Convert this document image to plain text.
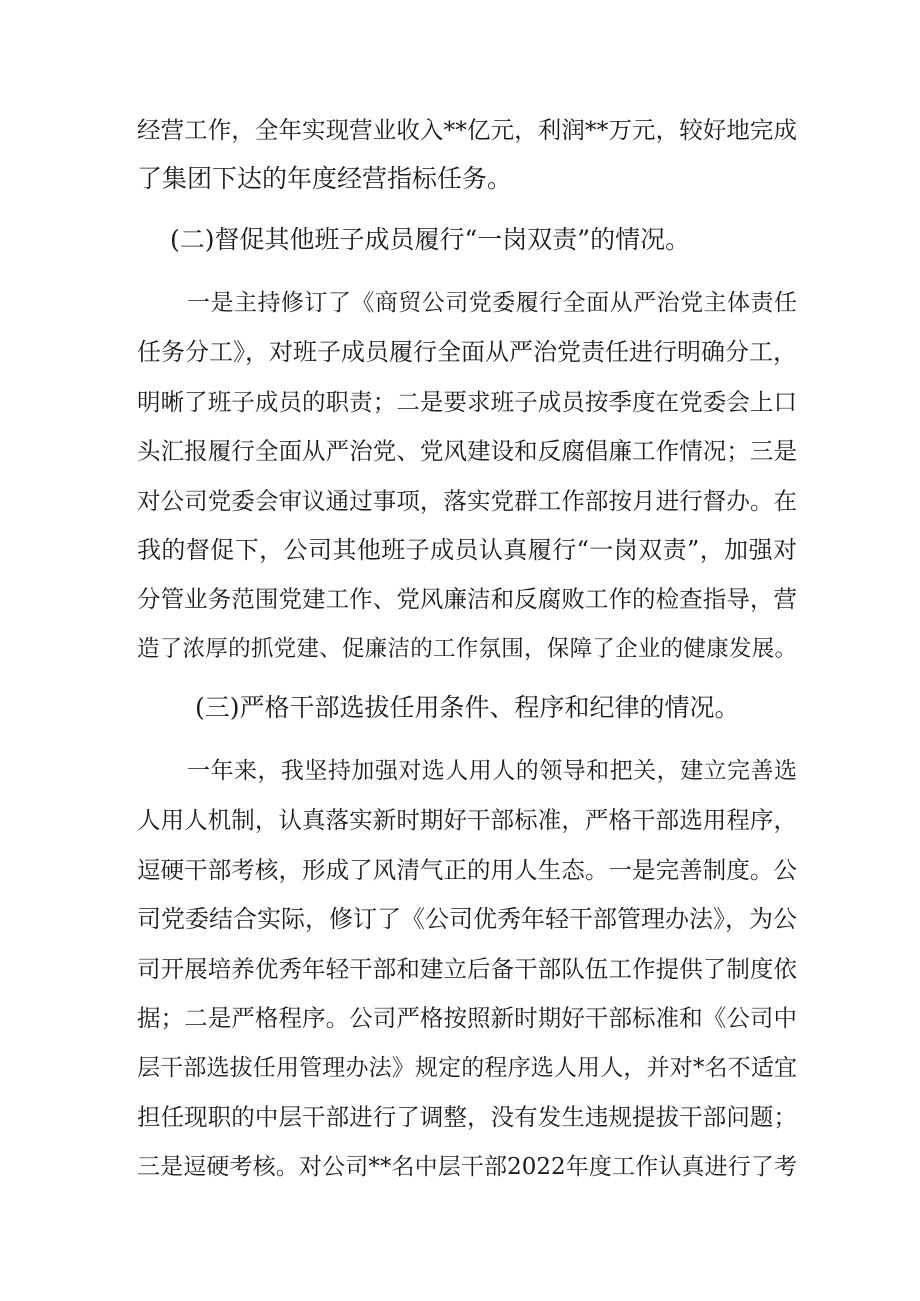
经营工作，全年实现营业收入**亿元，利润**万元，较好地完成
了集团下达的年度经营指标任务。
(二)督促其他班子成员履行“一岗双责”的情况。
一是主持修订了《商贸公司党委履行全面从严治党主体责任
任务分工》，对班子成员履行全面从严治党责任进行明确分工，
明晰了班子成员的职责；二是要求班子成员按季度在党委会上口
头汇报履行全面从严治党、党风建设和反腐倡廉工作情况；三是
对公司党委会审议通过事项，落实党群工作部按月进行督办。在
我的督促下，公司其他班子成员认真履行“一岗双责”，加强对
分管业务范围党建工作、党风廉洁和反腐败工作的检查指导，营
造了浓厚的抓党建、促廉洁的工作氛围，保障了企业的健康发展。
(三)严格干部选拔任用条件、程序和纪律的情况。
一年来，我坚持加强对选人用人的领导和把关，建立完善选
人用人机制，认真落实新时期好干部标准，严格干部选用程序，
逗硬干部考核，形成了风清气正的用人生态。一是完善制度。公
司党委结合实际，修订了《公司优秀年轻干部管理办法》，为公
司开展培养优秀年轻干部和建立后备干部队伍工作提供了制度依
据；二是严格程序。公司严格按照新时期好干部标准和《公司中
层干部选拔任用管理办法》规定的程序选人用人，并对*名不适宜
担任现职的中层干部进行了调整，没有发生违规提拔干部问题；
三是逗硬考核。对公司**名中层干部2022年度工作认真进行了考
